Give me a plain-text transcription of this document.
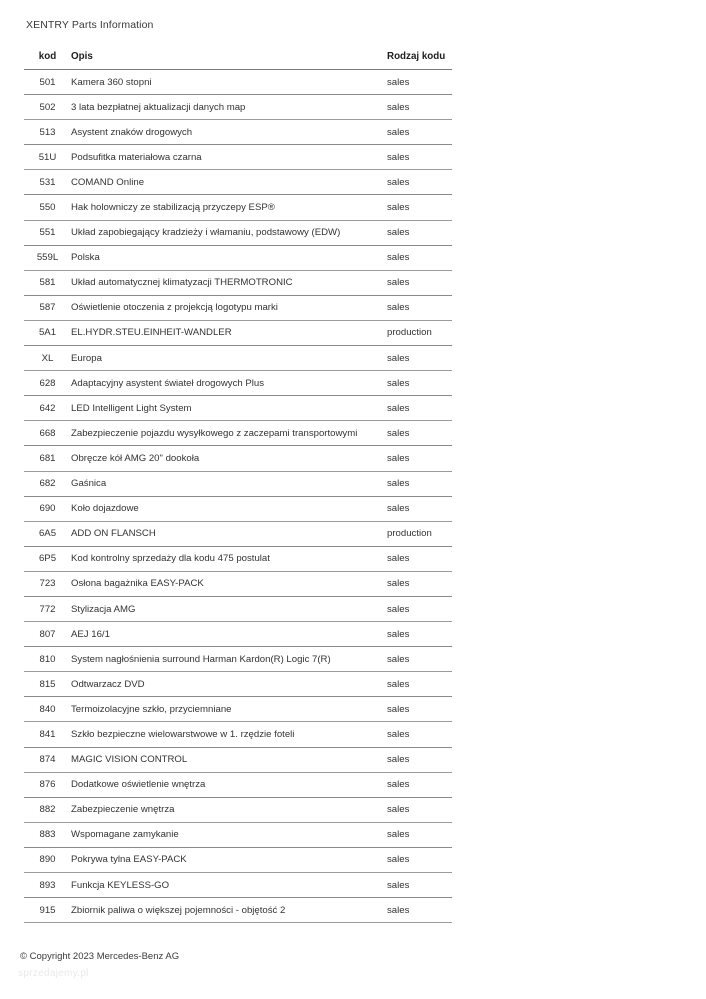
XENTRY Parts Information
kod	Opis	Rodzaj kodu
501	Kamera 360 stopni	sales
502	3 lata bezpłatnej aktualizacji danych map	sales
513	Asystent znaków drogowych	sales
51U	Podsufitka materiałowa czarna	sales
531	COMAND Online	sales
550	Hak holowniczy ze stabilizacją przyczepy ESP®	sales
551	Układ zapobiegający kradzieży i włamaniu, podstawowy (EDW)	sales
559L	Polska	sales
581	Układ automatycznej klimatyzacji THERMOTRONIC	sales
587	Oświetlenie otoczenia z projekcją logotypu marki	sales
5A1	EL.HYDR.STEU.EINHEIT-WANDLER	production
XL	Europa	sales
628	Adaptacyjny asystent świateł drogowych Plus	sales
642	LED Intelligent Light System	sales
668	Zabezpieczenie pojazdu wysyłkowego z zaczepami transportowymi	sales
681	Obręcze kół AMG 20" dookoła	sales
682	Gaśnica	sales
690	Koło dojazdowe	sales
6A5	ADD ON FLANSCH	production
6P5	Kod kontrolny sprzedaży dla kodu 475 postulat	sales
723	Osłona bagażnika EASY-PACK	sales
772	Stylizacja AMG	sales
807	AEJ 16/1	sales
810	System nagłośnienia surround Harman Kardon(R) Logic 7(R)	sales
815	Odtwarzacz DVD	sales
840	Termoizolacyjne szkło, przyciemniane	sales
841	Szkło bezpieczne wielowarstwowe w 1. rzędzie foteli	sales
874	MAGIC VISION CONTROL	sales
876	Dodatkowe oświetlenie wnętrza	sales
882	Zabezpieczenie wnętrza	sales
883	Wspomagane zamykanie	sales
890	Pokrywa tylna EASY-PACK	sales
893	Funkcja KEYLESS-GO	sales
915	Zbiornik paliwa o większej pojemności - objętość 2	sales
© Copyright 2023 Mercedes-Benz AG
sprzedajemy.pl
